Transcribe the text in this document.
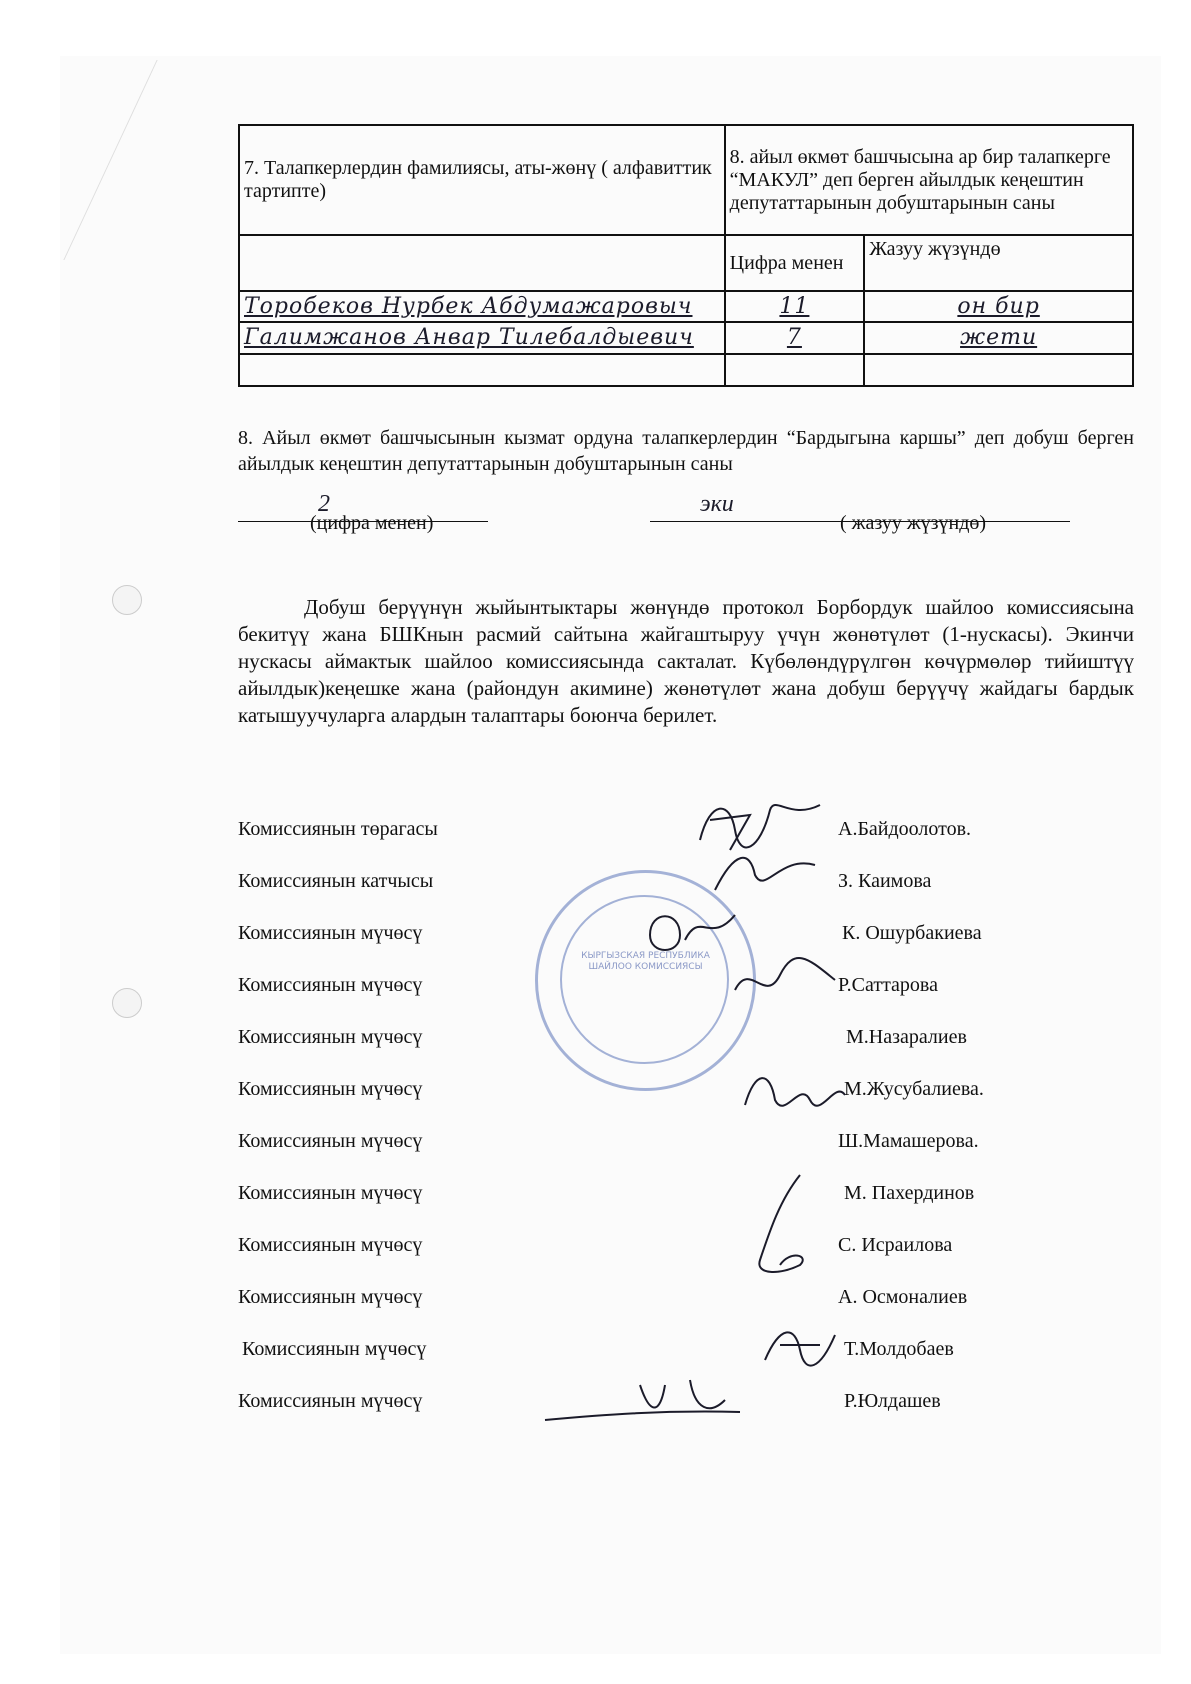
7. Талапкерлердин фамилиясы, аты-жөнү ( алфавиттик тартипте)	8. айыл өкмөт башчысына ар бир талапкерге “МАКУЛ” деп берген айылдык кеңештин депутаттарынын добуштарынын саны	

	Цифра менен	Жазуу жүзүндө
Торобеков Нурбек Абдумажаровыч	11	он бир
Галимжанов Анвар Тилебалдыевич	7	жети

8. Айыл өкмөт башчысынын кызмат ордуна талапкерлердин “Бардыгына каршы” деп добуш берген айылдык кеңештин депутаттарынын добуштарынын саны
2	эки
(цифра менен)	( жазуу жүзүндө)
Добуш берүүнүн жыйынтыктары жөнүндө протокол Борбордук шайлоо комиссиясына бекитүү жана БШКнын расмий сайтына жайгаштыруу үчүн жөнөтүлөт (1-нускасы). Экинчи нускасы аймактык шайлоо комиссиясында сакталат. Күбөлөндүрүлгөн көчүрмөлөр тийиштүү айылдык)кеңешке жана (райондун акимине) жөнөтүлөт жана добуш берүүчү жайдагы бардык катышуучуларга алардын талаптары боюнча берилет.
Комиссиянын төрагасы	А.Байдоолотов.
Комиссиянын катчысы	З. Каимова
Комиссиянын мүчөсү	К. Ошурбакиева
Комиссиянын мүчөсү	Р.Саттарова
Комиссиянын мүчөсү	М.Назаралиев
Комиссиянын мүчөсү	М.Жусубалиева.
Комиссиянын мүчөсү	Ш.Мамашерова.
Комиссиянын мүчөсү	М. Пахердинов
Комиссиянын мүчөсү	С. Исраилова
Комиссиянын мүчөсү	А. Осмоналиев
Комиссиянын мүчөсү	Т.Молдобаев
Комиссиянын мүчөсү	Р.Юлдашев
КЫРГЫЗСКАЯ РЕСПУБЛИКА ШАЙЛОО КОМИССИЯСЫ
